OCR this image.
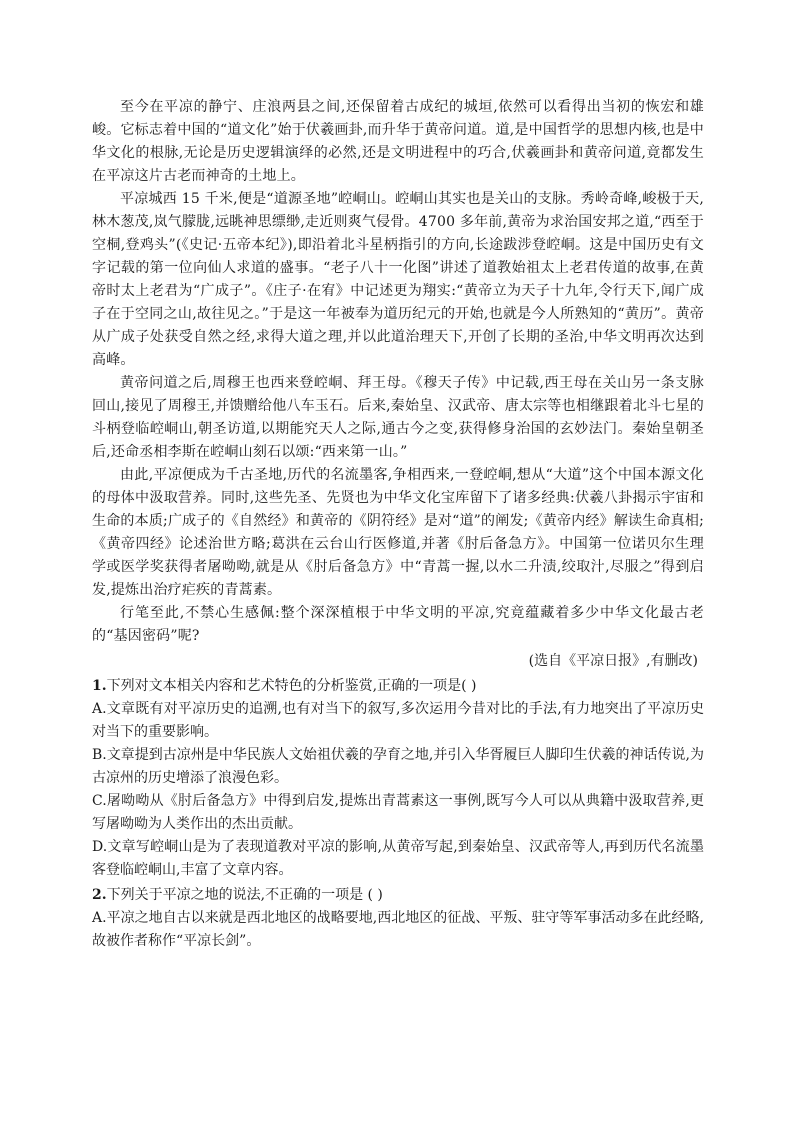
至今在平凉的静宁、庄浪两县之间,还保留着古成纪的城垣,依然可以看得出当初的恢宏和雄峻。它标志着中国的“道文化”始于伏羲画卦,而升华于黄帝问道。道,是中国哲学的思想内核,也是中华文化的根脉,无论是历史逻辑演绎的必然,还是文明进程中的巧合,伏羲画卦和黄帝问道,竟都发生在平凉这片古老而神奇的土地上。

平凉城西 15 千米,便是“道源圣地”崆峒山。崆峒山其实也是关山的支脉。秀岭奇峰,峻极于天,林木葱茂,岚气朦胧,远眺神思缥缈,走近则爽气侵骨。4700 多年前,黄帝为求治国安邦之道,“西至于空桐,登鸡头”(《史记·五帝本纪》),即沿着北斗星柄指引的方向,长途跋涉登崆峒。这是中国历史有文字记载的第一位向仙人求道的盛事。“老子八十一化图”讲述了道教始祖太上老君传道的故事,在黄帝时太上老君为“广成子”。《庄子·在宥》中记述更为翔实:“黄帝立为天子十九年,令行天下,闻广成子在于空同之山,故往见之。”于是这一年被奉为道历纪元的开始,也就是今人所熟知的“黄历”。黄帝从广成子处获受自然之经,求得大道之理,并以此道治理天下,开创了长期的圣治,中华文明再次达到高峰。

黄帝问道之后,周穆王也西来登崆峒、拜王母。《穆天子传》中记载,西王母在关山另一条支脉回山,接见了周穆王,并馈赠给他八车玉石。后来,秦始皇、汉武帝、唐太宗等也相继跟着北斗七星的斗柄登临崆峒山,朝圣访道,以期能究天人之际,通古今之变,获得修身治国的玄妙法门。秦始皇朝圣后,还命丞相李斯在崆峒山刻石以颂:“西来第一山。”

由此,平凉便成为千古圣地,历代的名流墨客,争相西来,一登崆峒,想从“大道”这个中国本源文化的母体中汲取营养。同时,这些先圣、先贤也为中华文化宝库留下了诸多经典:伏羲八卦揭示宇宙和生命的本质;广成子的《自然经》和黄帝的《阴符经》是对“道”的阐发;《黄帝内经》解读生命真相;《黄帝四经》论述治世方略;葛洪在云台山行医修道,并著《肘后备急方》。中国第一位诺贝尔生理学或医学奖获得者屠呦呦,就是从《肘后备急方》中“青蒿一握,以水二升渍,绞取汁,尽服之”得到启发,提炼出治疗疟疾的青蒿素。

行笔至此,不禁心生感佩:整个深深植根于中华文明的平凉,究竟蕴藏着多少中华文化最古老的“基因密码”呢?

(选自《平凉日报》,有删改)

1.下列对文本相关内容和艺术特色的分析鉴赏,正确的一项是( )

A.文章既有对平凉历史的追溯,也有对当下的叙写,多次运用今昔对比的手法,有力地突出了平凉历史对当下的重要影响。

B.文章提到古凉州是中华民族人文始祖伏羲的孕育之地,并引入华胥履巨人脚印生伏羲的神话传说,为古凉州的历史增添了浪漫色彩。

C.屠呦呦从《肘后备急方》中得到启发,提炼出青蒿素这一事例,既写今人可以从典籍中汲取营养,更写屠呦呦为人类作出的杰出贡献。

D.文章写崆峒山是为了表现道教对平凉的影响,从黄帝写起,到秦始皇、汉武帝等人,再到历代名流墨客登临崆峒山,丰富了文章内容。

2.下列关于平凉之地的说法,不正确的一项是 ( )

A.平凉之地自古以来就是西北地区的战略要地,西北地区的征战、平叛、驻守等军事活动多在此经略,故被作者称作“平凉长剑”。
